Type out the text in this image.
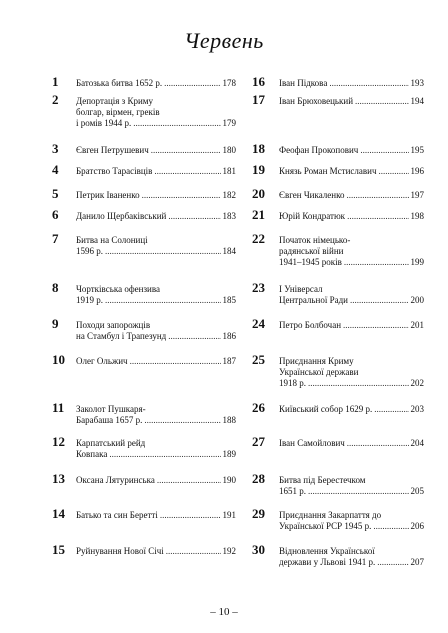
Червень
1 Батозька битва 1652 р. .....	178
2 Депортація з Криму
болгар, вірмен, греків
і ромів 1944 р. .....	179
3 Євген Петрушевич .....	180
4 Братство Тарасівців .....	181
5 Петрик Іваненко .....	182
6 Данило Щербаківський .....	183
7 Битва на Солониці
1596 р. .....	184
8 Чортківська офензива
1919 р. .....	185
9 Походи запорожців
на Стамбул і Трапезунд .....	186
10 Олег Ольжич .....	187
11 Заколот Пушкаря-
Барабаша 1657 р. .....	188
12 Карпатський рейд
Ковпака .....	189
13 Оксана Лятуринська .....	190
14 Батько та син Беретті .....	191
15 Руйнування Нової Січі .....	192
16 Іван Підкова .....	193
17 Іван Брюховецький .....	194
18 Феофан Прокопович .....	195
19 Князь Роман Мстиславич .....	196
20 Євген Чикаленко .....	197
21 Юрій Кондратюк .....	198
22 Початок німецько-
радянської війни
1941–1945 років .....	199
23 І Універсал
Центральної Ради .....	200
24 Петро Болбочан .....	201
25 Приєднання Криму
Української держави
1918 р. .....	202
26 Київський собор 1629 р. .....	203
27 Іван Самойлович .....	204
28 Битва під Берестечком
1651 р. .....	205
29 Приєднання Закарпаття до
Української РСР 1945 р. .....	206
30 Відновлення Української
держави у Львові 1941 р. .....	207
– 10 –
